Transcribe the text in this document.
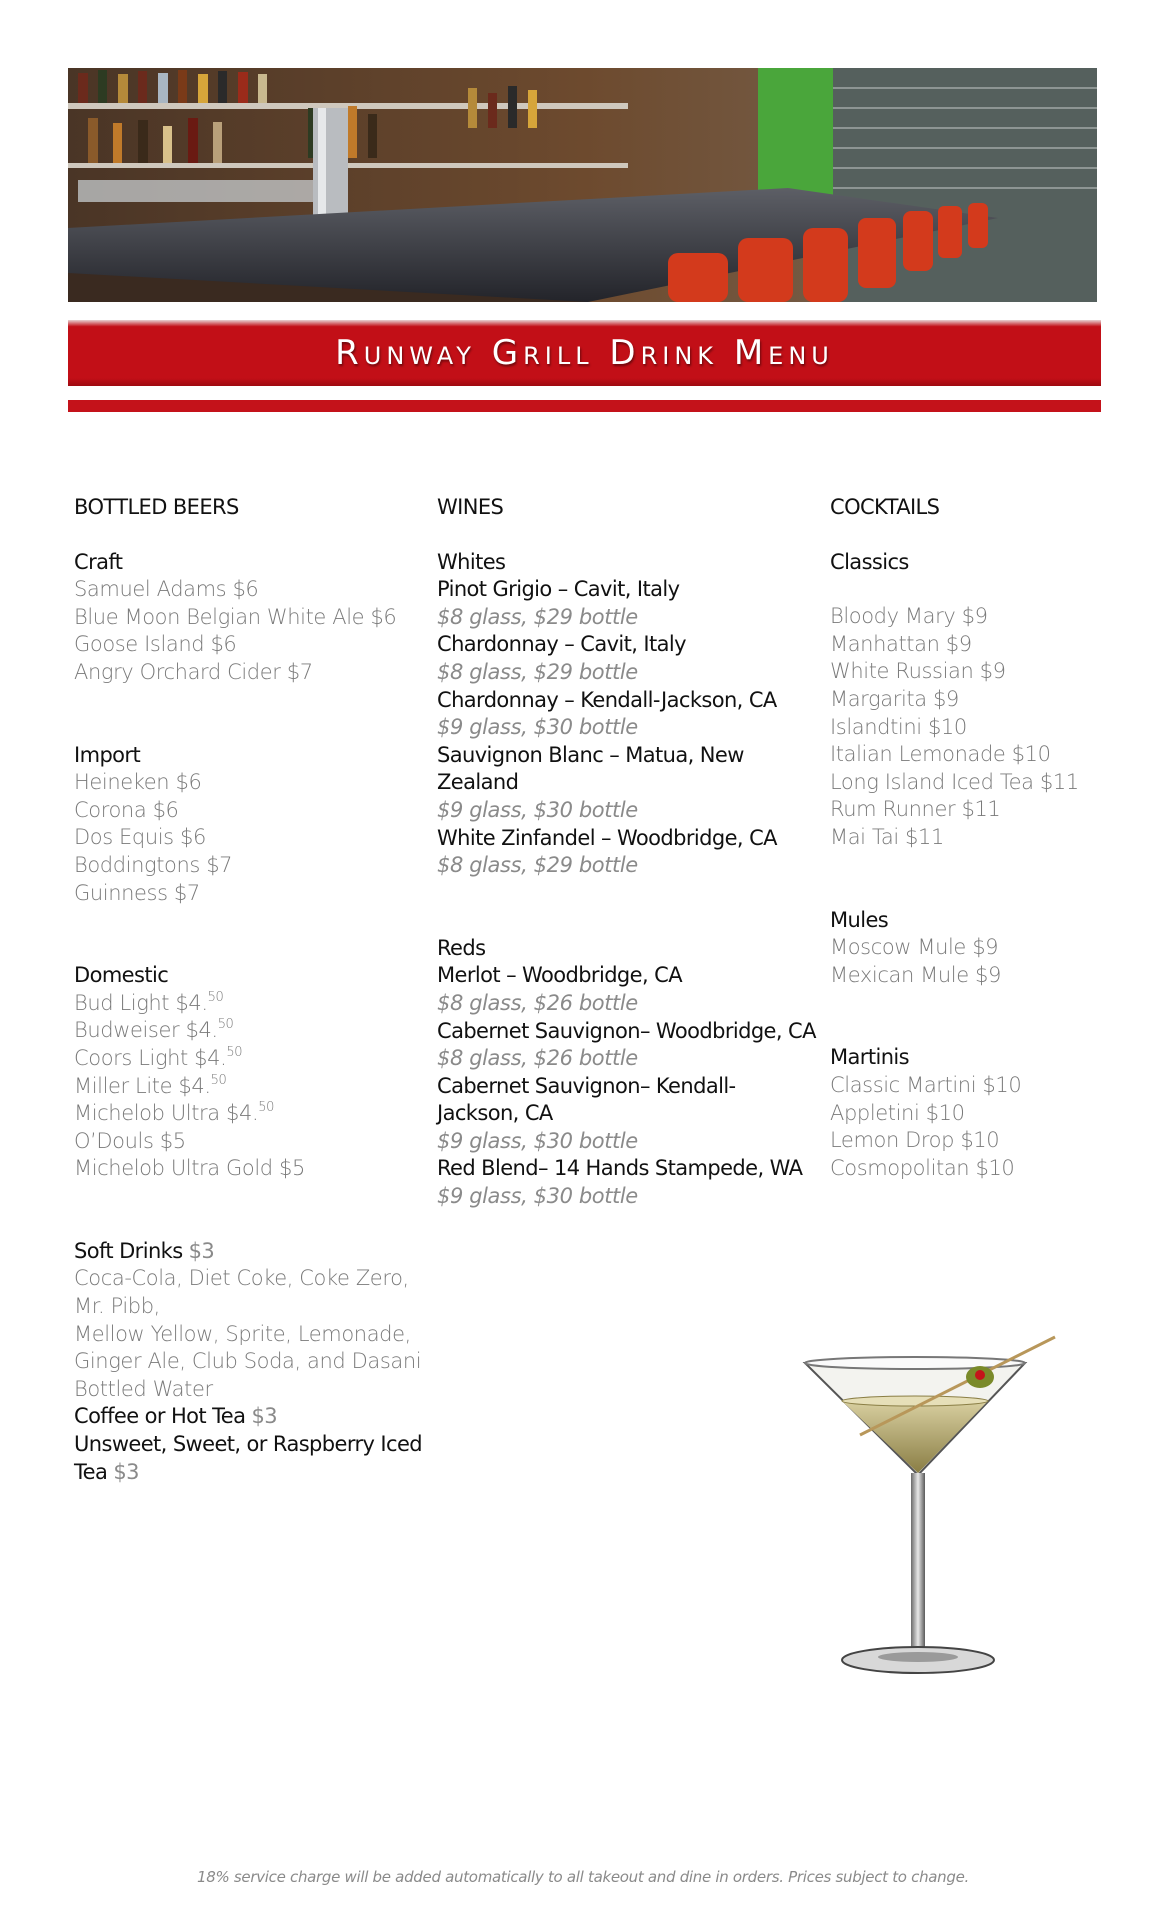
Runway Grill Drink Menu
BOTTLED BEERS
Craft
Samuel Adams $6
Blue Moon Belgian White Ale $6
Goose Island $6
Angry Orchard Cider $7
Import
Heineken $6
Corona $6
Dos Equis $6
Boddingtons $7
Guinness $7
Domestic
Bud Light $4.50
Budweiser $4.50
Coors Light $4.50
Miller Lite $4.50
Michelob Ultra $4.50
O’Douls $5
Michelob Ultra Gold $5
Soft Drinks $3
Coca-Cola, Diet Coke, Coke Zero, Mr. Pibb,
Mellow Yellow, Sprite, Lemonade, Ginger Ale, Club Soda, and Dasani Bottled Water
Coffee or Hot Tea $3
Unsweet, Sweet, or Raspberry Iced Tea $3
WINES
Whites
Pinot Grigio – Cavit, Italy
$8 glass, $29 bottle
Chardonnay – Cavit, Italy
$8 glass, $29 bottle
Chardonnay – Kendall-Jackson, CA
$9 glass, $30 bottle
Sauvignon Blanc – Matua, New Zealand
$9 glass, $30 bottle
White Zinfandel – Woodbridge, CA
$8 glass, $29 bottle
Reds
Merlot – Woodbridge, CA
$8 glass, $26 bottle
Cabernet Sauvignon– Woodbridge, CA
$8 glass, $26 bottle
Cabernet Sauvignon– Kendall-Jackson, CA
$9 glass, $30 bottle
Red Blend– 14 Hands Stampede, WA
$9 glass, $30 bottle
COCKTAILS
Classics
Bloody Mary $9
Manhattan $9
White Russian $9
Margarita $9
Islandtini $10
Italian Lemonade $10
Long Island Iced Tea $11
Rum Runner $11
Mai Tai $11
Mules
Moscow Mule $9
Mexican Mule $9
Martinis
Classic Martini $10
Appletini $10
Lemon Drop $10
Cosmopolitan $10
18% service charge will be added automatically to all takeout and dine in orders. Prices subject to change.
